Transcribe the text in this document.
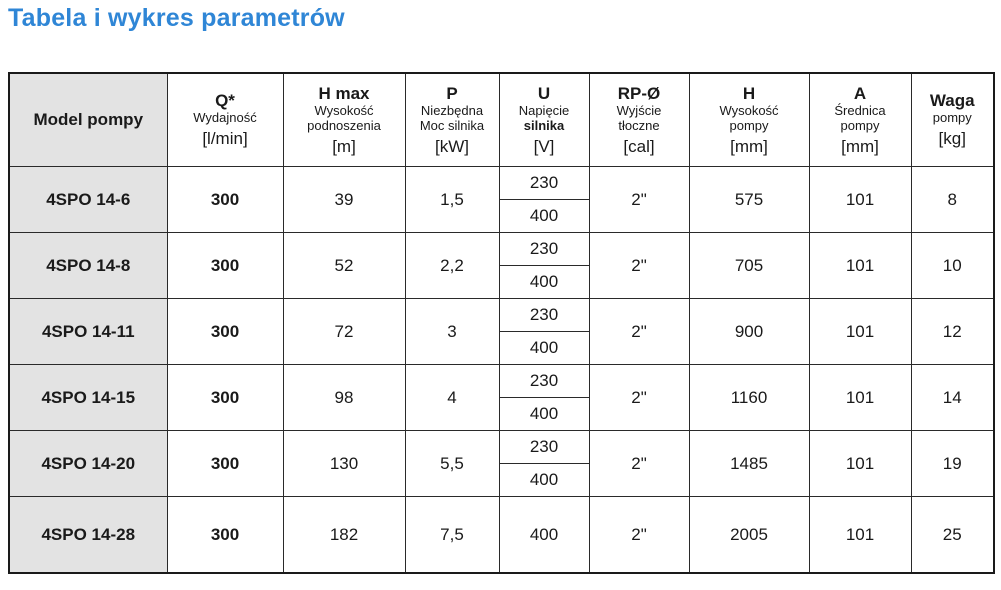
Tabela i wykres parametrów
Model pompy	Q*
Wydajność
[l/min]	H max
Wysokość
podnoszenia
[m]	P
Niezbędna
Moc silnika
[kW]	U
Napięcie
silnika
[V]	RP-Ø
Wyjście
tłoczne
[cal]	H
Wysokość
pompy
[mm]	A
Średnica
pompy
[mm]	Waga
pompy
[kg]

4SPO 14-6	300	39	1,5	230	2"	575	101	8
				400				
4SPO 14-8	300	52	2,2	230	2"	705	101	10
				400				
4SPO 14-11	300	72	3	230	2"	900	101	12
				400				
4SPO 14-15	300	98	4	230	2"	1160	101	14
				400				
4SPO 14-20	300	130	5,5	230	2"	1485	101	19
				400				
4SPO 14-28	300	182	7,5	400	2"	2005	101	25
